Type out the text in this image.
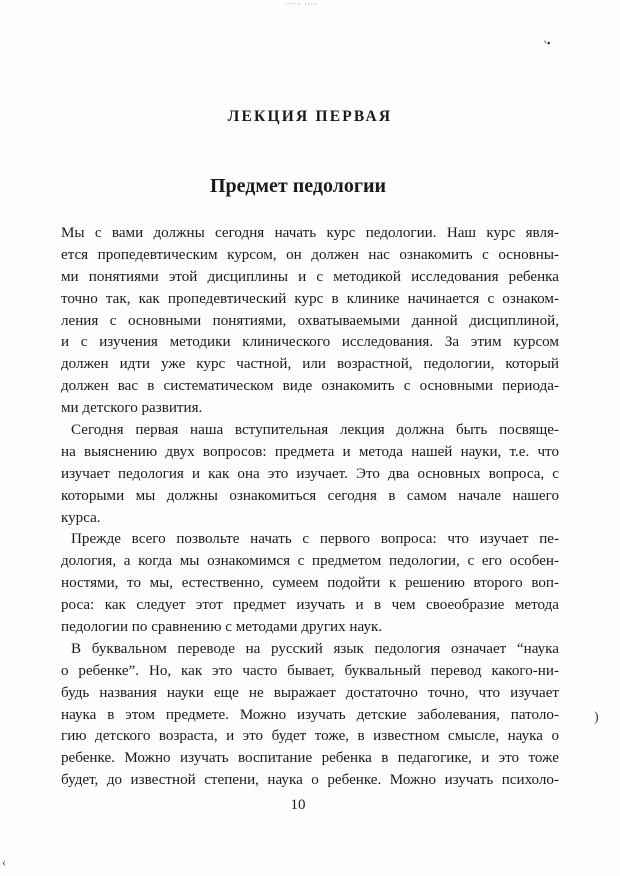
...., ,,.,
'•
ЛЕКЦИЯ ПЕРВАЯ
Предмет педологии
Мы с вами должны сегодня начать курс педологии. Наш курс явля-
ется пропедевтическим курсом, он должен нас ознакомить с основны-
ми понятиями этой дисциплины и с методикой исследования ребенка
точно так, как пропедевтический курс в клинике начинается с ознаком-
ления с основными понятиями, охватываемыми данной дисциплиной,
и с изучения методики клинического исследования. За этим курсом
должен идти уже курс частной, или возрастной, педологии, который
должен вас в систематическом виде ознакомить с основными периода-
ми детского развития.
Сегодня первая наша вступительная лекция должна быть посвяще-
на выяснению двух вопросов: предмета и метода нашей науки, т.е. что
изучает педология и как она это изучает. Это два основных вопроса, с
которыми мы должны ознакомиться сегодня в самом начале нашего
курса.
Прежде всего позвольте начать с первого вопроса: что изучает пе-
дология, а когда мы ознакомимся с предметом педологии, с его особен-
ностями, то мы, естественно, сумеем подойти к решению второго воп-
роса: как следует этот предмет изучать и в чем своеобразие метода
педологии по сравнению с методами других наук.
В буквальном переводе на русский язык педология означает “наука
о ребенке”. Но, как это часто бывает, буквальный перевод какого-ни-
будь названия науки еще не выражает достаточно точно, что изучает
наука в этом предмете. Можно изучать детские заболевания, патоло-
гию детского возраста, и это будет тоже, в известном смысле, наука о
ребенке. Можно изучать воспитание ребенка в педагогике, и это тоже
будет, до известной степени, наука о ребенке. Можно изучать психоло-
)
10
‹
